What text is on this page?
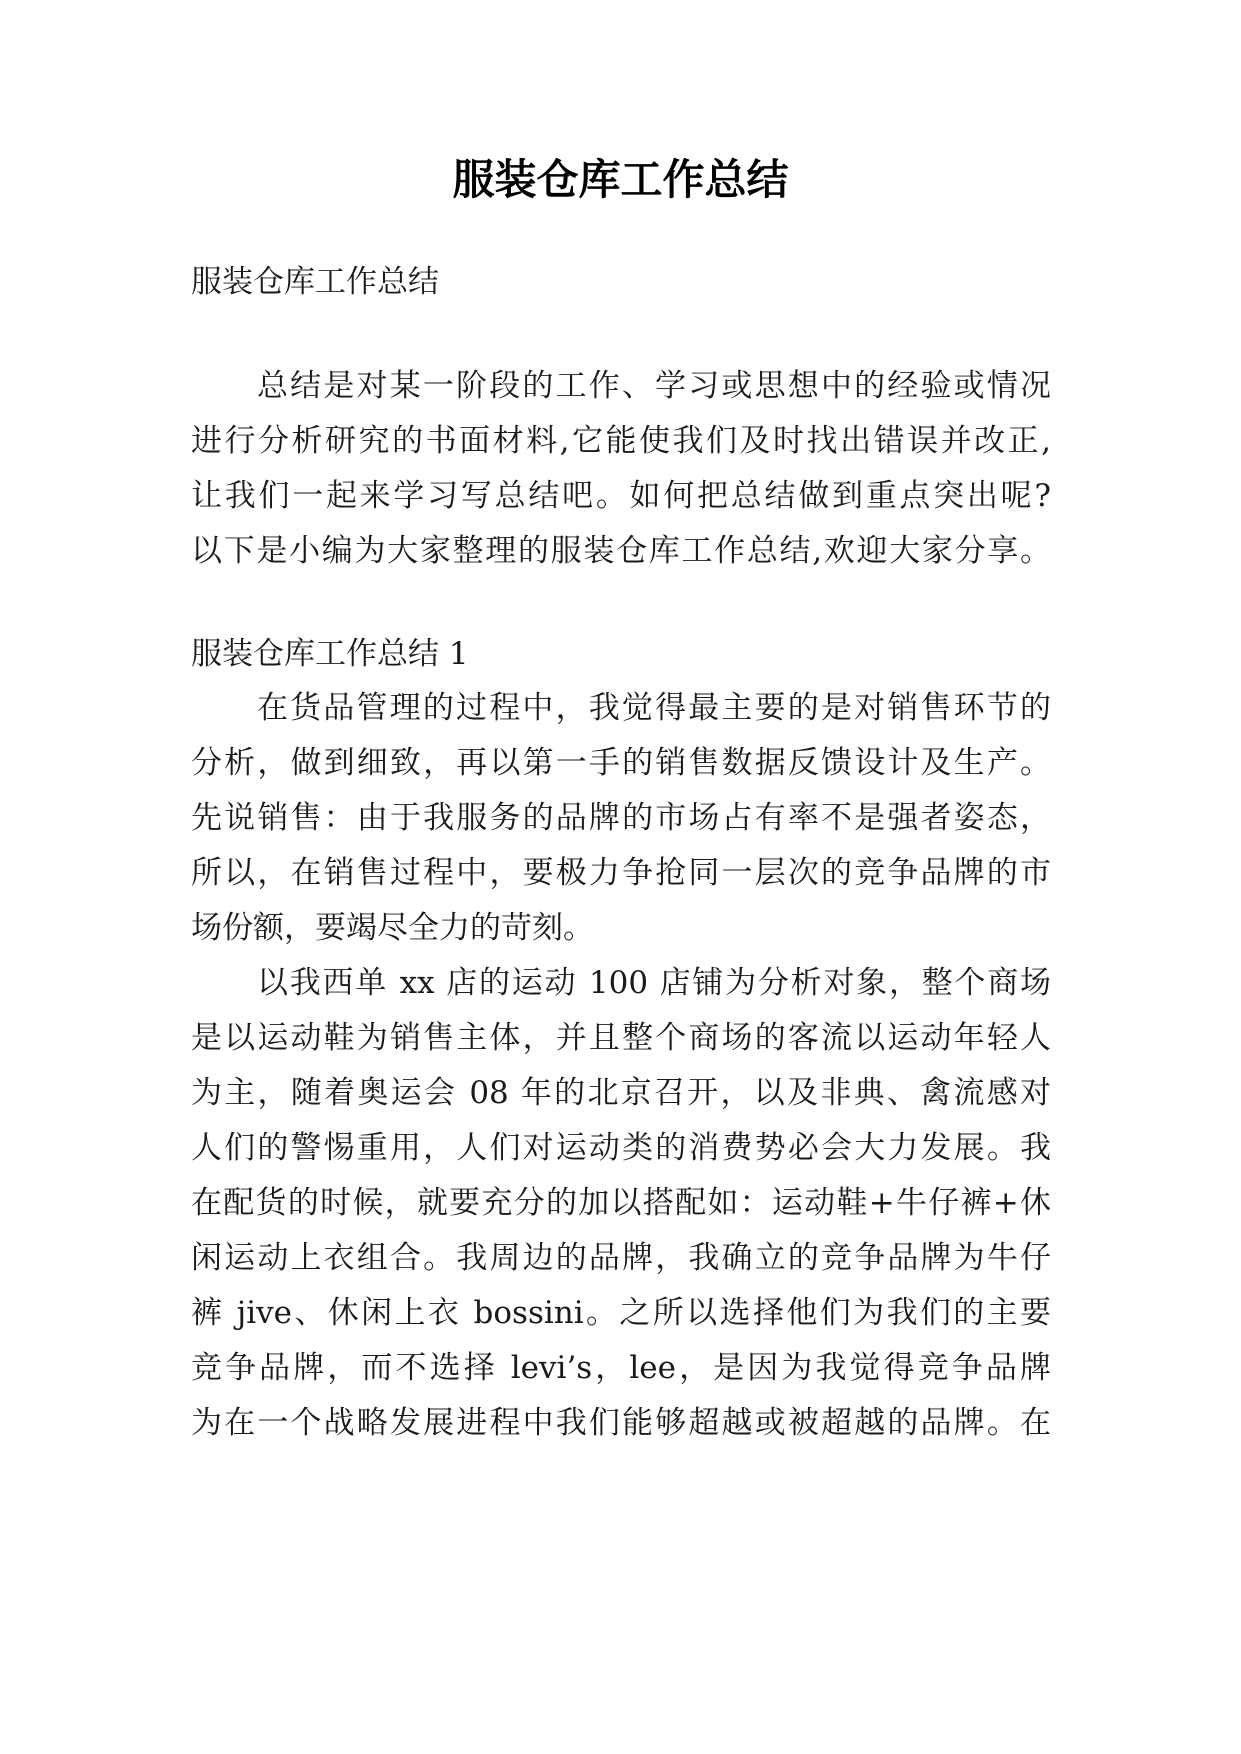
服装仓库工作总结
服装仓库工作总结
总结是对某一阶段的工作、学习或思想中的经验或情况
进行分析研究的书面材料,它能使我们及时找出错误并改正,
让我们一起来学习写总结吧。如何把总结做到重点突出呢?
以下是小编为大家整理的服装仓库工作总结,欢迎大家分享。
服装仓库工作总结 1
在货品管理的过程中，我觉得最主要的是对销售环节的
分析，做到细致，再以第一手的销售数据反馈设计及生产。
先说销售：由于我服务的品牌的市场占有率不是强者姿态，
所以，在销售过程中，要极力争抢同一层次的竞争品牌的市
场份额，要竭尽全力的苛刻。
以我西单 xx 店的运动 100 店铺为分析对象，整个商场
是以运动鞋为销售主体，并且整个商场的客流以运动年轻人
为主，随着奥运会 08 年的北京召开，以及非典、禽流感对
人们的警惕重用，人们对运动类的消费势必会大力发展。我
在配货的时候，就要充分的加以搭配如：运动鞋+牛仔裤+休
闲运动上衣组合。我周边的品牌，我确立的竞争品牌为牛仔
裤 jive、休闲上衣 bossini。之所以选择他们为我们的主要
竞争品牌，而不选择 levi’s，lee，是因为我觉得竞争品牌
为在一个战略发展进程中我们能够超越或被超越的品牌。在
